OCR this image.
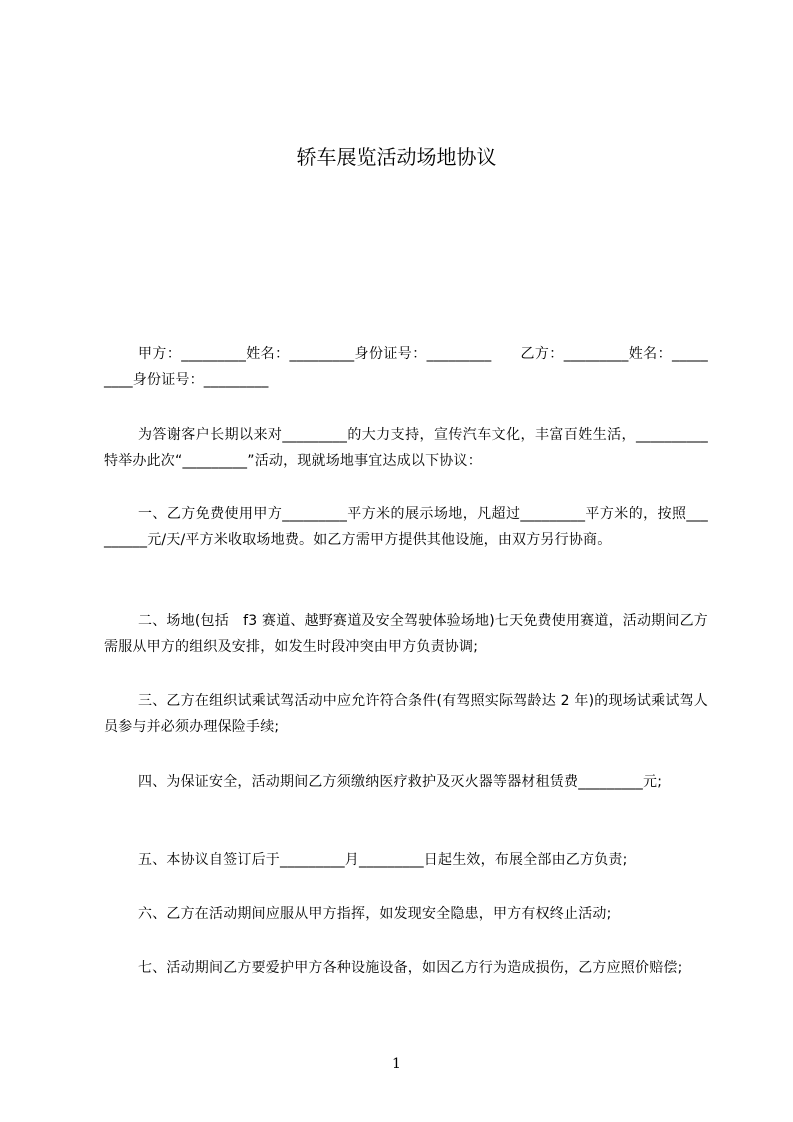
轿车展览活动场地协议

甲方：_________姓名：_________身份证号：_________　　乙方：_________姓名：_________身份证号：_________

为答谢客户长期以来对_________的大力支持，宣传汽车文化，丰富百姓生活，__________特举办此次“_________”活动，现就场地事宜达成以下协议：

一、乙方免费使用甲方_________平方米的展示场地，凡超过_________平方米的，按照_________元/天/平方米收取场地费。如乙方需甲方提供其他设施，由双方另行协商。

二、场地(包括　f3 赛道、越野赛道及安全驾驶体验场地)七天免费使用赛道，活动期间乙方需服从甲方的组织及安排，如发生时段冲突由甲方负责协调;

三、乙方在组织试乘试驾活动中应允许符合条件(有驾照实际驾龄达 2 年)的现场试乘试驾人员参与并必须办理保险手续;

四、为保证安全，活动期间乙方须缴纳医疗救护及灭火器等器材租赁费_________元;

五、本协议自签订后于_________月_________日起生效，布展全部由乙方负责;

六、乙方在活动期间应服从甲方指挥，如发现安全隐患，甲方有权终止活动;

七、活动期间乙方要爱护甲方各种设施设备，如因乙方行为造成损伤，乙方应照价赔偿;

1
